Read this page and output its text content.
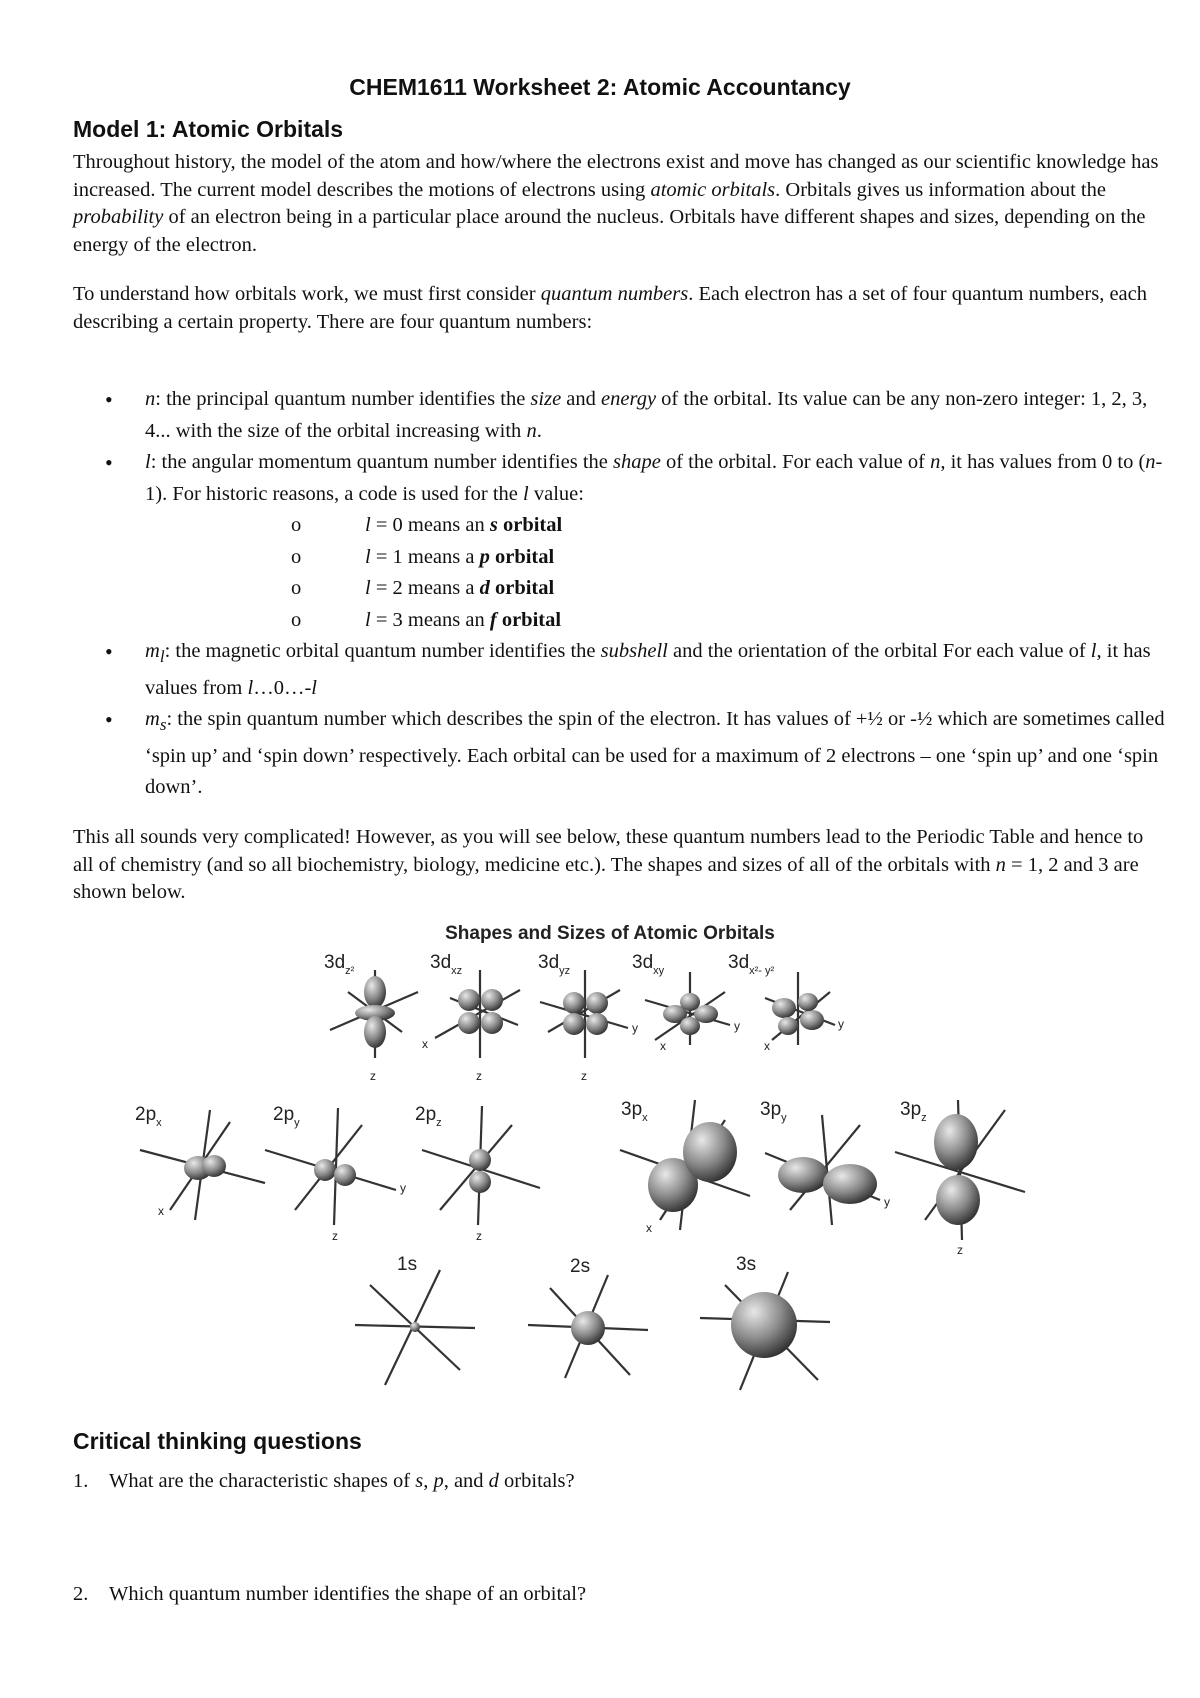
CHEM1611 Worksheet 2: Atomic Accountancy
Model 1: Atomic Orbitals
Throughout history, the model of the atom and how/where the electrons exist and move has changed as our scientific knowledge has increased. The current model describes the motions of electrons using atomic orbitals. Orbitals gives us information about the probability of an electron being in a particular place around the nucleus. Orbitals have different shapes and sizes, depending on the energy of the electron.
To understand how orbitals work, we must first consider quantum numbers. Each electron has a set of four quantum numbers, each describing a certain property. There are four quantum numbers:
• n: the principal quantum number identifies the size and energy of the orbital. Its value can be any non-zero integer: 1, 2, 3, 4... with the size of the orbital increasing with n.
• l: the angular momentum quantum number identifies the shape of the orbital. For each value of n, it has values from 0 to (n-1). For historic reasons, a code is used for the l value:
o l = 0 means an s orbital
o l = 1 means a p orbital
o l = 2 means a d orbital
o l = 3 means an f orbital
• $m_l$: the magnetic orbital quantum number identifies the subshell and the orientation of the orbital For each value of l, it has values from l…0…-l
• $m_s$: the spin quantum number which describes the spin of the electron. It has values of +½ or -½ which are sometimes called ‘spin up’ and ‘spin down’ respectively. Each orbital can be used for a maximum of 2 electrons – one ‘spin up’ and one ‘spin down’.
This all sounds very complicated! However, as you will see below, these quantum numbers lead to the Periodic Table and hence to all of chemistry (and so all biochemistry, biology, medicine etc.). The shapes and sizes of all of the orbitals with n = 1, 2 and 3 are shown below.
Shapes and Sizes of Atomic Orbitals
$3d_{z^2}$
z
$3d_{xz}$
x
z
$3d_{yz}$
y
z
$3d_{xy}$
y
x
$3d_{x^2- y^2}$
y
x
$2p_x$
x
$2p_y$
y
z
$2p_z$
z
$3p_x$
x
$3p_y$
y
$3p_z$
z
1s	2s	3s
Critical thinking questions
1. What are the characteristic shapes of s, p, and d orbitals?
2. Which quantum number identifies the shape of an orbital?
